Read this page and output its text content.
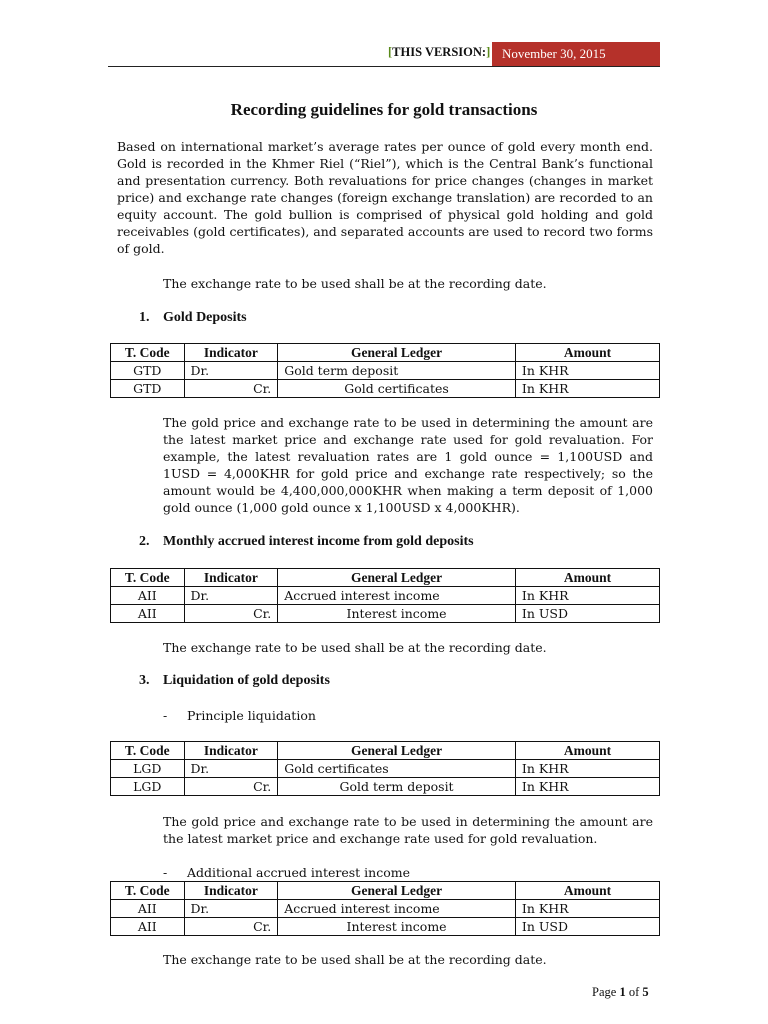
[THIS VERSION:] November 30, 2015
Recording guidelines for gold transactions

Based on international market’s average rates per ounce of gold every month end. Gold is recorded in the Khmer Riel (“Riel”), which is the Central Bank’s functional and presentation currency. Both revaluations for price changes (changes in market price) and exchange rate changes (foreign exchange translation) are recorded to an equity account. The gold bullion is comprised of physical gold holding and gold receivables (gold certificates), and separated accounts are used to record two forms of gold.

The exchange rate to be used shall be at the recording date.
1. Gold Deposits
T. Code	Indicator	General Ledger	Amount
GTD	Dr.	Gold term deposit	In KHR
GTD	Cr.	Gold certificates	In KHR

The gold price and exchange rate to be used in determining the amount are the latest market price and exchange rate used for gold revaluation. For example, the latest revaluation rates are 1 gold ounce = 1,100USD and 1USD = 4,000KHR for gold price and exchange rate respectively; so the amount would be 4,400,000,000KHR when making a term deposit of 1,000 gold ounce (1,000 gold ounce x 1,100USD x 4,000KHR).

2. Monthly accrued interest income from gold deposits
T. Code	Indicator	General Ledger	Amount
AII	Dr.	Accrued interest income	In KHR
AII	Cr.	Interest income	In USD
The exchange rate to be used shall be at the recording date.
3. Liquidation of gold deposits
- Principle liquidation
T. Code	Indicator	General Ledger	Amount
LGD	Dr.	Gold certificates	In KHR
LGD	Cr.	Gold term deposit	In KHR

The gold price and exchange rate to be used in determining the amount are the latest market price and exchange rate used for gold revaluation.

- Additional accrued interest income
T. Code	Indicator	General Ledger	Amount
AII	Dr.	Accrued interest income	In KHR
AII	Cr.	Interest income	In USD
The exchange rate to be used shall be at the recording date.
Page 1 of 5
